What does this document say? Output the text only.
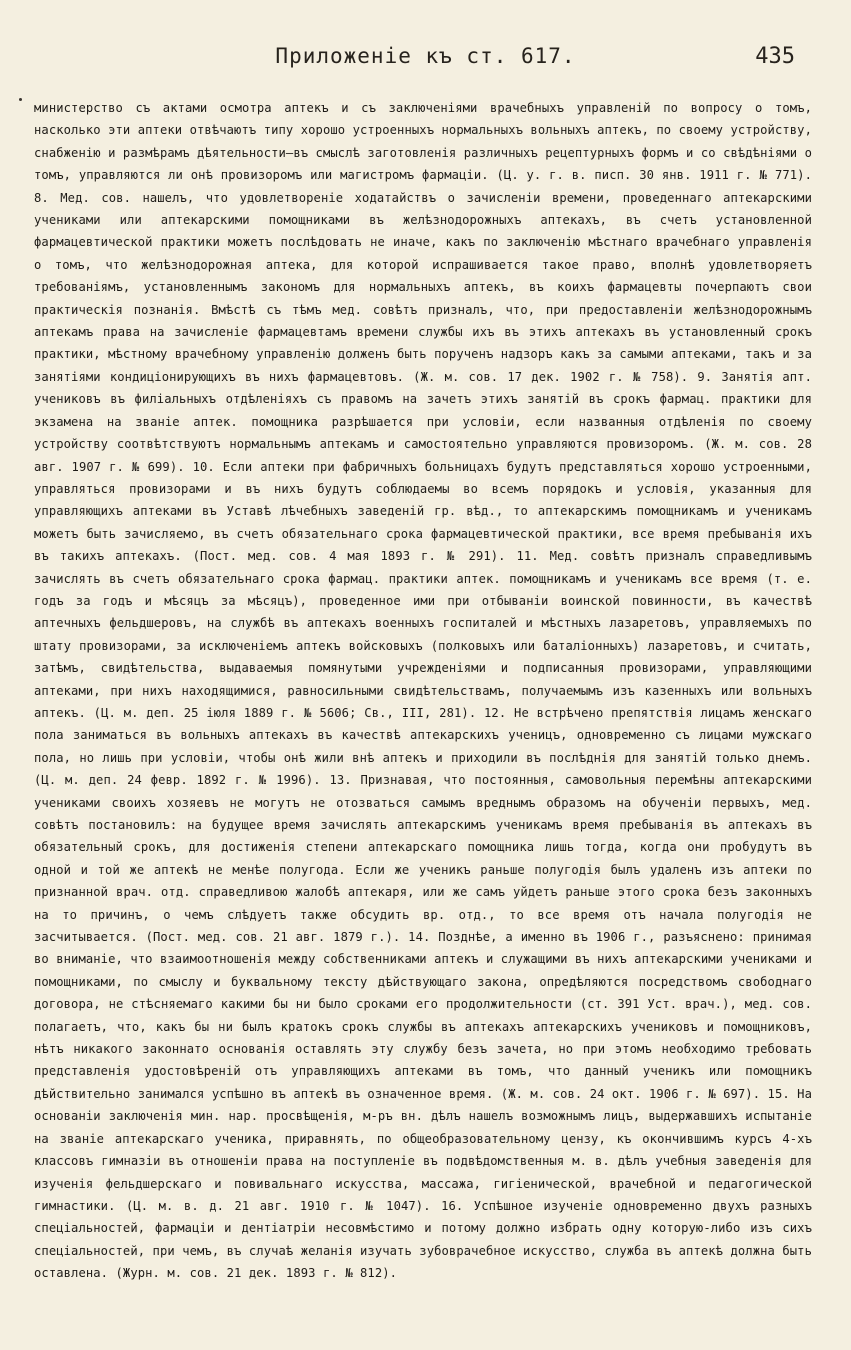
Приложеніе къ ст. 617.	435

министерство съ актами осмотра аптекъ и съ заключеніями врачебныхъ управленій по вопросу о томъ, насколько эти аптеки отвѣчаютъ типу хорошо устроенныхъ нормальныхъ вольныхъ аптекъ, по своему устройству, снабженію и размѣрамъ дѣятельности—въ смыслѣ заготовленія различныхъ рецептурныхъ формъ и со свѣдѣніями о томъ, управляются ли онѣ провизоромъ или магистромъ фармаціи. (Ц. у. г. в. писп. 30 янв. 1911 г. № 771). 8. Мед. сов. нашелъ, что удовлетвореніе ходатайствъ о зачисленіи времени, проведеннаго аптекарскими учениками или аптекарскими помощниками въ желѣзнодорожныхъ аптекахъ, въ счетъ установленной фармацевтической практики можетъ послѣдовать не иначе, какъ по заключенію мѣстнаго врачебнаго управленія о томъ, что желѣзнодорожная аптека, для которой испрашивается такое право, вполнѣ удовлетворяетъ требованіямъ, установленнымъ закономъ для нормальныхъ аптекъ, въ коихъ фармацевты почерпаютъ свои практическія познанія. Вмѣстѣ съ тѣмъ мед. совѣтъ призналъ, что, при предоставленіи желѣзнодорожнымъ аптекамъ права на зачисленіе фармацевтамъ времени службы ихъ въ этихъ аптекахъ въ установленный срокъ практики, мѣстному врачебному управленію долженъ быть порученъ надзоръ какъ за самыми аптеками, такъ и за занятіями кондиціонирующихъ въ нихъ фармацевтовъ. (Ж. м. сов. 17 дек. 1902 г. № 758). 9. Занятія апт. учениковъ въ филіальныхъ отдѣленіяхъ съ правомъ на зачетъ этихъ занятій въ срокъ фармац. практики для экзамена на званіе аптек. помощника разрѣшается при условіи, если названныя отдѣленія по своему устройству соотвѣтствуютъ нормальнымъ аптекамъ и самостоятельно управляются провизоромъ. (Ж. м. сов. 28 авг. 1907 г. № 699). 10. Если аптеки при фабричныхъ больницахъ будутъ представляться хорошо устроенными, управляться провизорами и въ нихъ будутъ соблюдаемы во всемъ порядокъ и условія, указанныя для управляющихъ аптеками въ Уставѣ лѣчебныхъ заведеній гр. вѣд., то аптекарскимъ помощникамъ и ученикамъ можетъ быть зачисляемо, въ счетъ обязательнаго срока фармацевтической практики, все время пребыванія ихъ въ такихъ аптекахъ. (Пост. мед. сов. 4 мая 1893 г. № 291). 11. Мед. совѣтъ призналъ справедливымъ зачислять въ счетъ обязательнаго срока фармац. практики аптек. помощникамъ и ученикамъ все время (т. е. годъ за годъ и мѣсяцъ за мѣсяцъ), проведенное ими при отбываніи воинской повинности, въ качествѣ аптечныхъ фельдшеровъ, на службѣ въ аптекахъ военныхъ госпиталей и мѣстныхъ лазаретовъ, управляемыхъ по штату провизорами, за исключеніемъ аптекъ войсковыхъ (полковыхъ или баталіонныхъ) лазаретовъ, и считать, затѣмъ, свидѣтельства, выдаваемыя помянутыми учрежденіями и подписанныя провизорами, управляющими аптеками, при нихъ находящимися, равносильными свидѣтельствамъ, получаемымъ изъ казенныхъ или вольныхъ аптекъ. (Ц. м. деп. 25 іюля 1889 г. № 5606; Св., III, 281). 12. Не встрѣчено препятствія лицамъ женскаго пола заниматься въ вольныхъ аптекахъ въ качествѣ аптекарскихъ ученицъ, одновременно съ лицами мужскаго пола, но лишь при условіи, чтобы онѣ жили внѣ аптекъ и приходили въ послѣднія для занятій только днемъ. (Ц. м. деп. 24 февр. 1892 г. № 1996). 13. Признавая, что постоянныя, самовольныя перемѣны аптекарскими учениками своихъ хозяевъ не могутъ не отозваться самымъ вреднымъ образомъ на обученіи первыхъ, мед. совѣтъ постановилъ: на будущее время зачислять аптекарскимъ ученикамъ время пребыванія въ аптекахъ въ обязательный срокъ, для достиженія степени аптекарскаго помощника лишь тогда, когда они пробудутъ въ одной и той же аптекѣ не менѣе полугода. Если же ученикъ раньше полугодія былъ удаленъ изъ аптеки по признанной врач. отд. справедливою жалобѣ аптекаря, или же самъ уйдетъ раньше этого срока безъ законныхъ на то причинъ, о чемъ слѣдуетъ также обсудить вр. отд., то все время отъ начала полугодія не засчитывается. (Пост. мед. сов. 21 авг. 1879 г.). 14. Позднѣе, а именно въ 1906 г., разъяснено: принимая во вниманіе, что взаимоотношенія между собственниками аптекъ и служащими въ нихъ аптекарскими учениками и помощниками, по смыслу и буквальному тексту дѣйствующаго закона, опредѣляются посредствомъ свободнаго договора, не стѣсняемаго какими бы ни было сроками его продолжительности (ст. 391 Уст. врач.), мед. сов. полагаетъ, что, какъ бы ни былъ кратокъ срокъ службы въ аптекахъ аптекарскихъ учениковъ и помощниковъ, нѣтъ никакого законнато основанія оставлять эту службу безъ зачета, но при этомъ необходимо требовать представленія удостовѣреній отъ управляющихъ аптеками въ томъ, что данный ученикъ или помощникъ дѣйствительно занимался успѣшно въ аптекѣ въ означенное время. (Ж. м. сов. 24 окт. 1906 г. № 697). 15. На основаніи заключенія мин. нар. просвѣщенія, м-ръ вн. дѣлъ нашелъ возможнымъ лицъ, выдержавшихъ испытаніе на званіе аптекарскаго ученика, приравнять, по общеобразовательному цензу, къ окончившимъ курсъ 4-хъ классовъ гимназіи въ отношеніи права на поступленіе въ подвѣдомственныя м. в. дѣлъ учебныя заведенія для изученія фельдшерскаго и повивальнаго искусства, массажа, гигіенической, врачебной и педагогической гимнастики. (Ц. м. в. д. 21 авг. 1910 г. № 1047). 16. Успѣшное изученіе одновременно двухъ разныхъ спеціальностей, фармаціи и дентіатріи несовмѣстимо и потому должно избрать одну которую-либо изъ сихъ спеціальностей, при чемъ, въ случаѣ желанія изучать зубоврачебное искусство, служба въ аптекѣ должна быть оставлена. (Журн. м. сов. 21 дек. 1893 г. № 812).
